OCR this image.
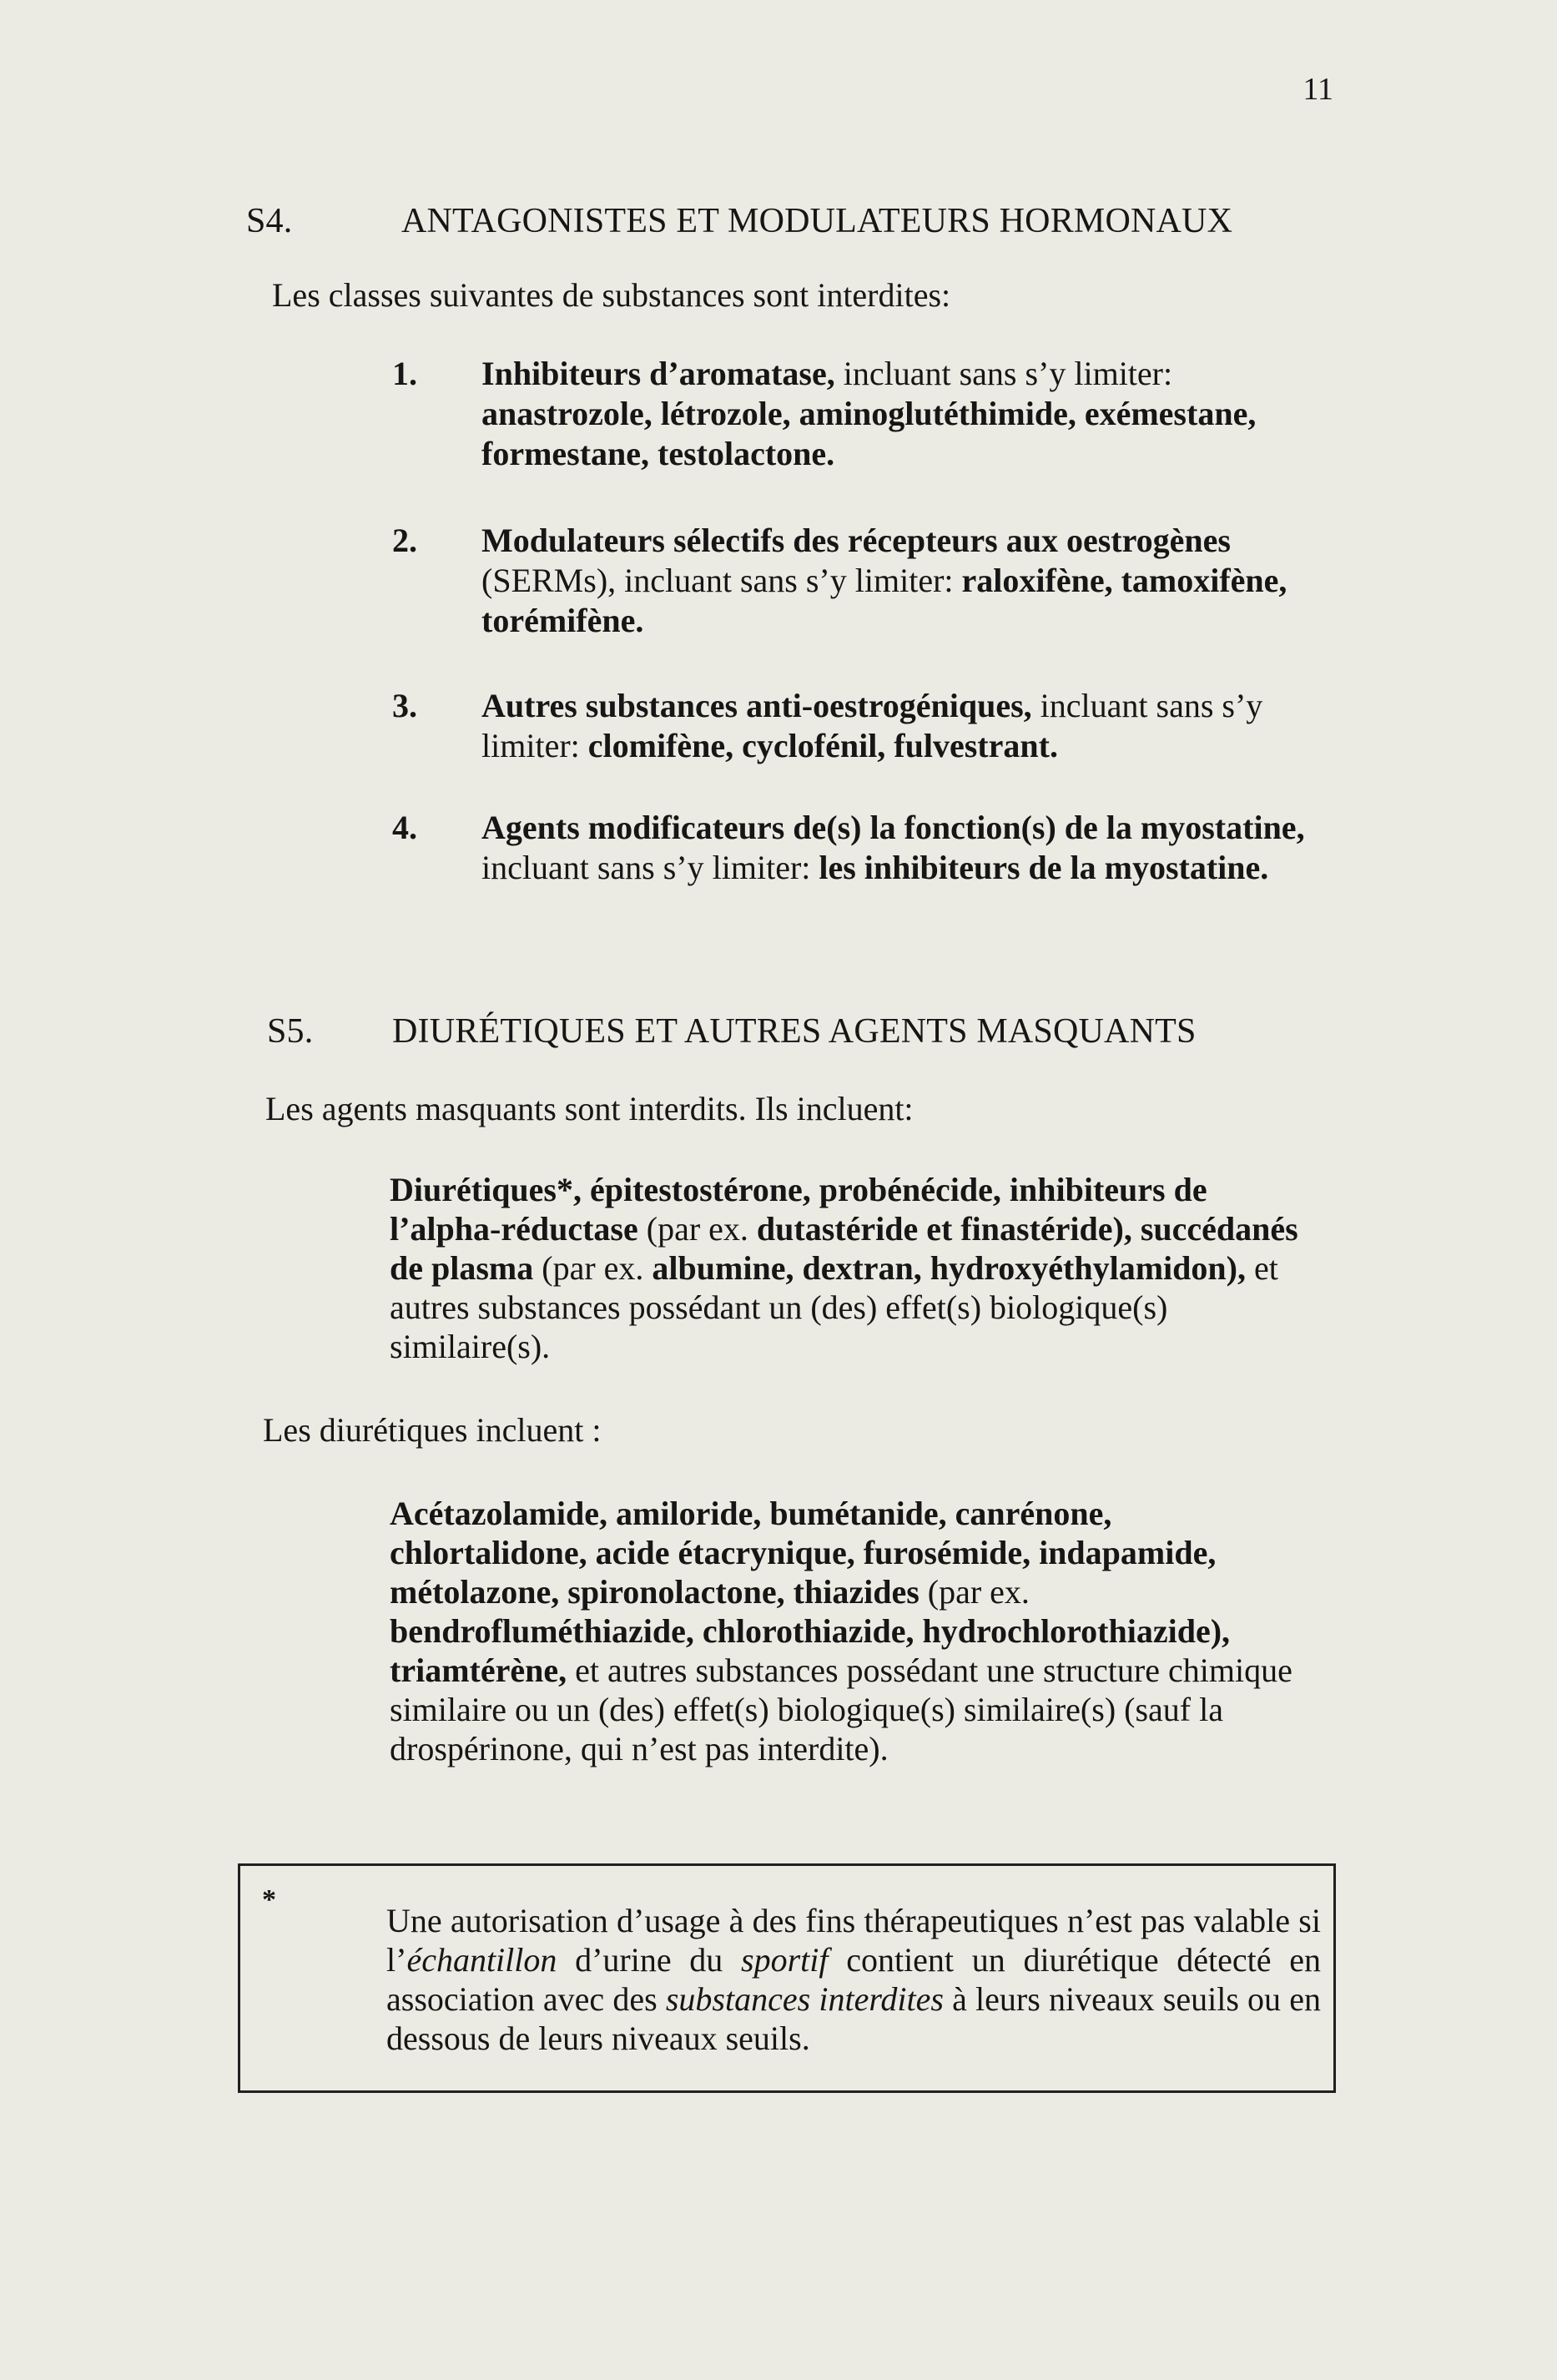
11
S4.	ANTAGONISTES ET MODULATEURS HORMONAUX
Les classes suivantes de substances sont interdites:
1. Inhibiteurs d’aromatase, incluant sans s’y limiter: anastrozole, létrozole, aminoglutéthimide, exémestane, formestane, testolactone.
2. Modulateurs sélectifs des récepteurs aux oestrogènes (SERMs), incluant sans s’y limiter: raloxifène, tamoxifène, torémifène.
3. Autres substances anti-oestrogéniques, incluant sans s’y limiter: clomifène, cyclofénil, fulvestrant.
4. Agents modificateurs de(s) la fonction(s) de la myostatine, incluant sans s’y limiter: les inhibiteurs de la myostatine.
S5. DIURÉTIQUES ET AUTRES AGENTS MASQUANTS
Les agents masquants sont interdits. Ils incluent:
Diurétiques*, épitestostérone, probénécide, inhibiteurs de l’alpha-réductase (par ex. dutastéride et finastéride), succédanés de plasma (par ex. albumine, dextran, hydroxyéthylamidon), et autres substances possédant un (des) effet(s) biologique(s) similaire(s).
Les diurétiques incluent :
Acétazolamide, amiloride, bumétanide, canrénone, chlortalidone, acide étacrynique, furosémide, indapamide, métolazone, spironolactone, thiazides (par ex. bendrofluméthiazide, chlorothiazide, hydrochlorothiazide), triamtérène, et autres substances possédant une structure chimique similaire ou un (des) effet(s) biologique(s) similaire(s) (sauf la drospérinone, qui n’est pas interdite).
*
Une autorisation d’usage à des fins thérapeutiques n’est pas valable si l’échantillon d’urine du sportif contient un diurétique détecté en association avec des substances interdites à leurs niveaux seuils ou en dessous de leurs niveaux seuils.
